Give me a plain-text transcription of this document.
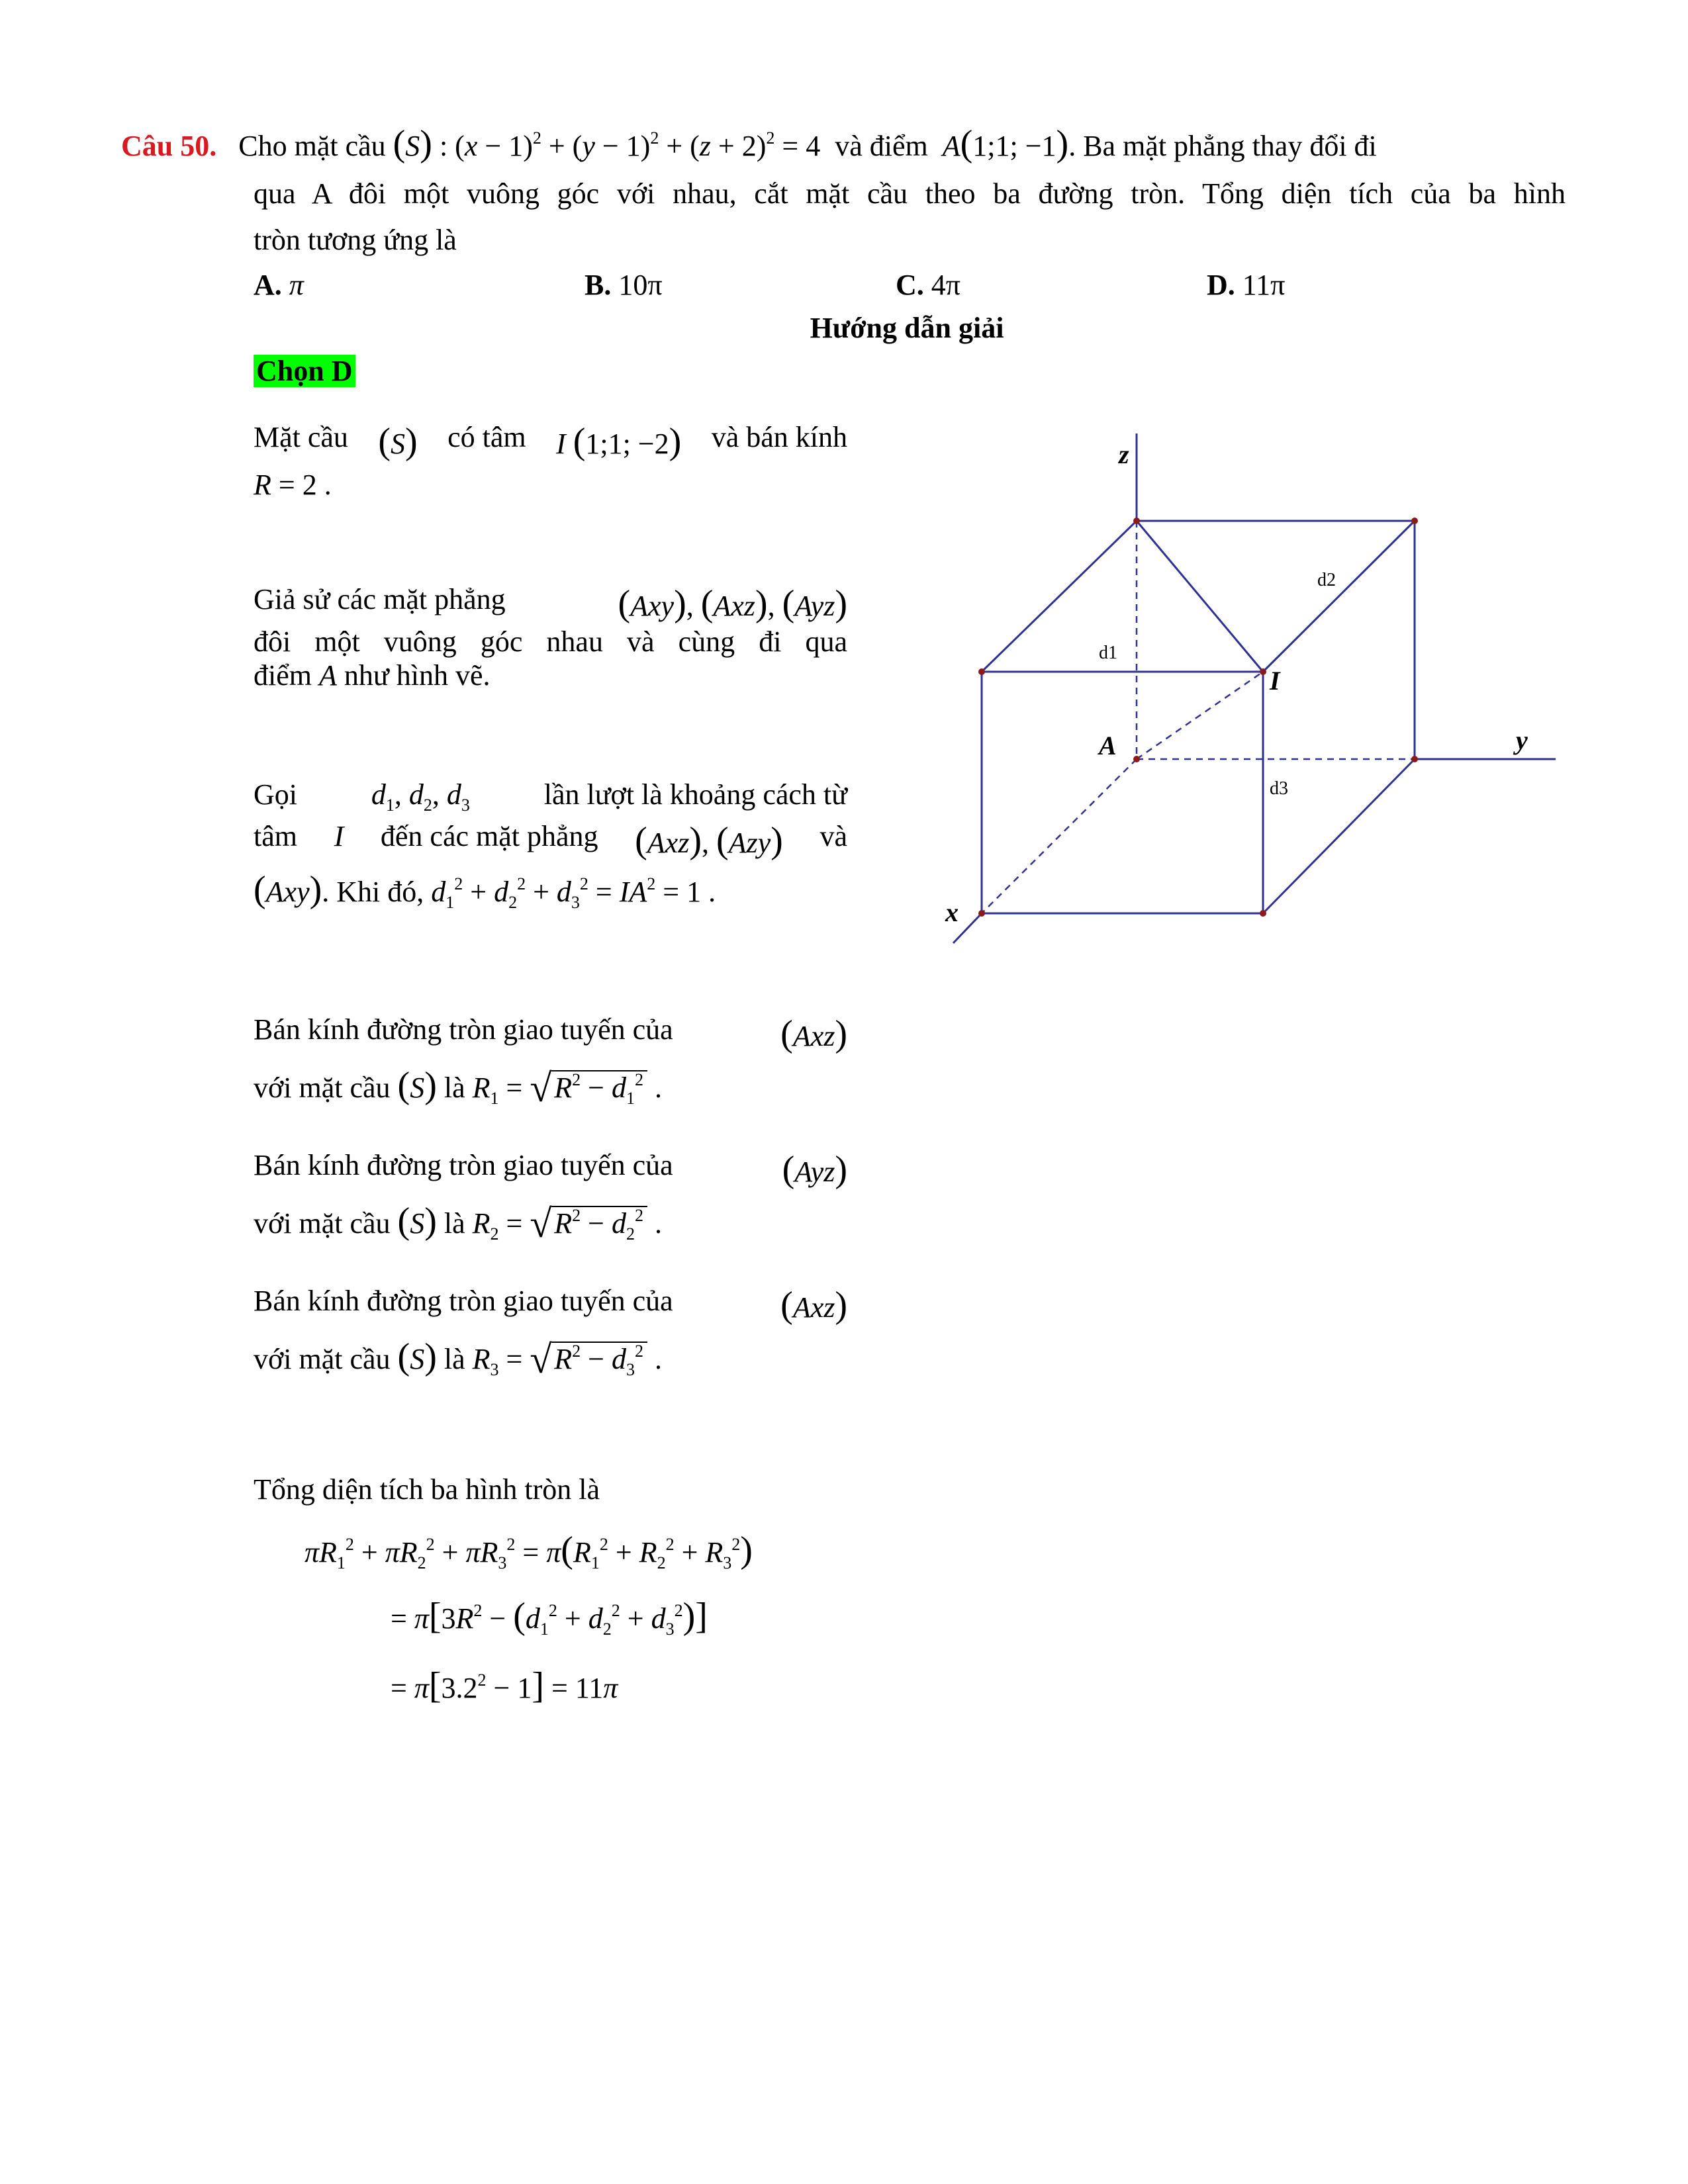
Câu 50. Cho mặt cầu (S) : $(x - 1)^2 + (y - 1)^2 + (z + 2)^2 = 4$ và điểm A(1;1; −1). Ba mặt phẳng thay đổi đi
qua A đôi một vuông góc với nhau, cắt mặt cầu theo ba đường tròn. Tổng diện tích của ba hình
tròn tương ứng là
A. π	B. 10π	C. 4π	D. 11π
Hướng dẫn giải
Chọn D
Mặt cầu (S) có tâm I (1;1; −2) và bán kính
R = 2 .
Giả sử các mặt phẳng	(Axy), (Axz), (Ayz)
đôi một vuông góc nhau và cùng đi qua
điểm A như hình vẽ.
Gọi	$d_1$, $d_2$, $d_3$	lần lượt là khoảng cách từ
tâm I đến các mặt phẳng (Axz), (Azy) và
(Axy). Khi đó, $d_1^2 + d_2^2 + d_3^2 = IA^2 = 1$ .
Bán kính đường tròn giao tuyến của	(Axz)
với mặt cầu (S) là $R_1 = √R^2 - d_1^2$ .
Bán kính đường tròn giao tuyến của	(Ayz)
với mặt cầu (S) là $R_2 = √R^2 - d_2^2$ .
Bán kính đường tròn giao tuyến của	(Axz)
với mặt cầu (S) là $R_3 = √R^2 - d_3^2$ .
Tổng diện tích ba hình tròn là
$\pi R_1^2 + \pi R_2^2 + \pi R_3^2 = \pi(R_1^2 + R_2^2 + R_3^2)$
= $\pi[3R^2 - (d_1^2 + d_2^2 + d_3^2)]$
= $\pi[3.2^2 - 1] = 11\pi$
z
y
x
A
I
d1
d2
d3
